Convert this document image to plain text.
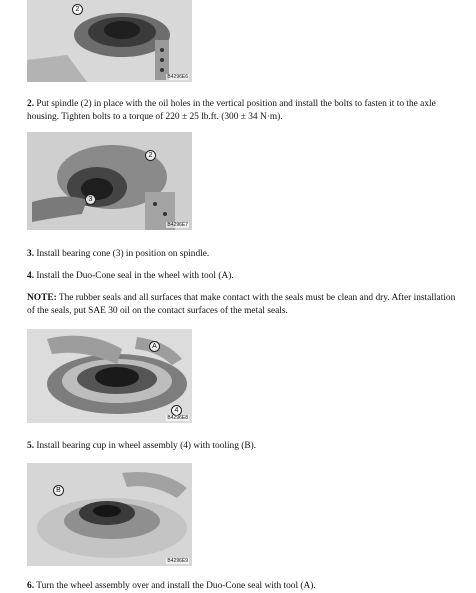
2
B4296E6

2. Put spindle (2) in place with the oil holes in the vertical position and install the bolts to fasten it to the axle housing. Tighten bolts to a torque of 220 ± 25 lb.ft. (300 ± 34 N·m).

2
3
B4296E7

3. Install bearing cone (3) in position on spindle.

4. Install the Duo-Cone seal in the wheel with tool (A).

NOTE: The rubber seals and all surfaces that make contact with the seals must be clean and dry. After installation of the seals, put SAE 30 oil on the contact surfaces of the metal seals.

A
4
B4296E8

5. Install bearing cup in wheel assembly (4) with tooling (B).

B
B4296E9

6. Turn the wheel assembly over and install the Duo-Cone seal with tool (A).
